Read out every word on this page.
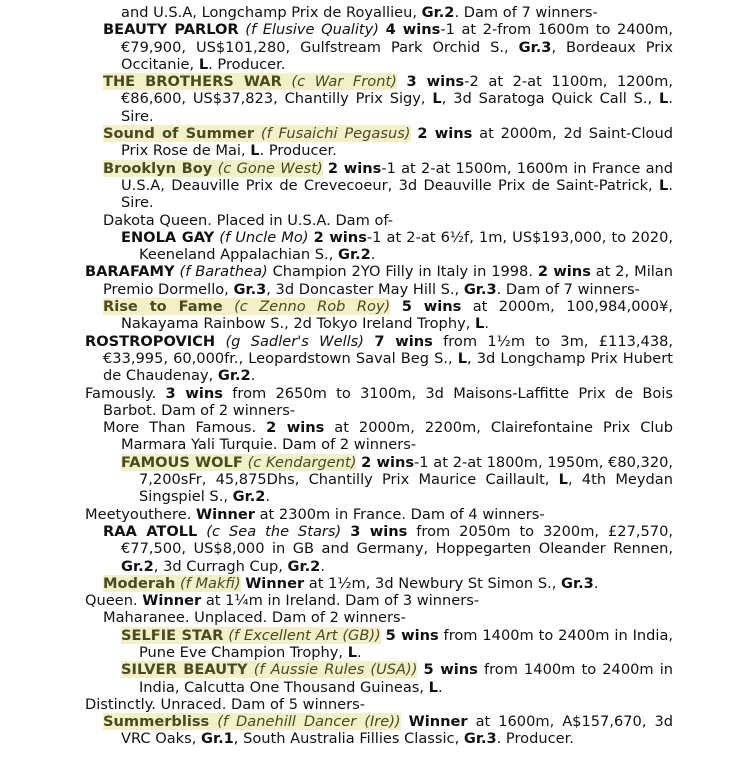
and U.S.A, Longchamp Prix de Royallieu, Gr.2. Dam of 7 winners-
BEAUTY PARLOR (f Elusive Quality) 4 wins-1 at 2-from 1600m to 2400m, €79,900, US$101,280, Gulfstream Park Orchid S., Gr.3, Bordeaux Prix Occitanie, L. Producer.
THE BROTHERS WAR (c War Front) 3 wins-2 at 2-at 1100m, 1200m, €86,600, US$37,823, Chantilly Prix Sigy, L, 3d Saratoga Quick Call S., L. Sire.
Sound of Summer (f Fusaichi Pegasus) 2 wins at 2000m, 2d Saint-Cloud Prix Rose de Mai, L. Producer.
Brooklyn Boy (c Gone West) 2 wins-1 at 2-at 1500m, 1600m in France and U.S.A, Deauville Prix de Crevecoeur, 3d Deauville Prix de Saint-Patrick, L. Sire.
Dakota Queen. Placed in U.S.A. Dam of-
ENOLA GAY (f Uncle Mo) 2 wins-1 at 2-at 6½f, 1m, US$193,000, to 2020, Keeneland Appalachian S., Gr.2.
BARAFAMY (f Barathea) Champion 2YO Filly in Italy in 1998. 2 wins at 2, Milan Premio Dormello, Gr.3, 3d Doncaster May Hill S., Gr.3. Dam of 7 winners-
Rise to Fame (c Zenno Rob Roy) 5 wins at 2000m, 100,984,000¥, Nakayama Rainbow S., 2d Tokyo Ireland Trophy, L.
ROSTROPOVICH (g Sadler's Wells) 7 wins from 1½m to 3m, £113,438, €33,995, 60,000fr., Leopardstown Saval Beg S., L, 3d Longchamp Prix Hubert de Chaudenay, Gr.2.
Famously. 3 wins from 2650m to 3100m, 3d Maisons-Laffitte Prix de Bois Barbot. Dam of 2 winners-
More Than Famous. 2 wins at 2000m, 2200m, Clairefontaine Prix Club Marmara Yali Turquie. Dam of 2 winners-
FAMOUS WOLF (c Kendargent) 2 wins-1 at 2-at 1800m, 1950m, €80,320, 7,200sFr, 45,875Dhs, Chantilly Prix Maurice Caillault, L, 4th Meydan Singspiel S., Gr.2.
Meetyouthere. Winner at 2300m in France. Dam of 4 winners-
RAA ATOLL (c Sea the Stars) 3 wins from 2050m to 3200m, £27,570, €77,500, US$8,000 in GB and Germany, Hoppegarten Oleander Rennen, Gr.2, 3d Curragh Cup, Gr.2.
Moderah (f Makfi) Winner at 1½m, 3d Newbury St Simon S., Gr.3.
Queen. Winner at 1¼m in Ireland. Dam of 3 winners-
Maharanee. Unplaced. Dam of 2 winners-
SELFIE STAR (f Excellent Art (GB)) 5 wins from 1400m to 2400m in India, Pune Eve Champion Trophy, L.
SILVER BEAUTY (f Aussie Rules (USA)) 5 wins from 1400m to 2400m in India, Calcutta One Thousand Guineas, L.
Distinctly. Unraced. Dam of 5 winners-
Summerbliss (f Danehill Dancer (Ire)) Winner at 1600m, A$157,670, 3d VRC Oaks, Gr.1, South Australia Fillies Classic, Gr.3. Producer.
